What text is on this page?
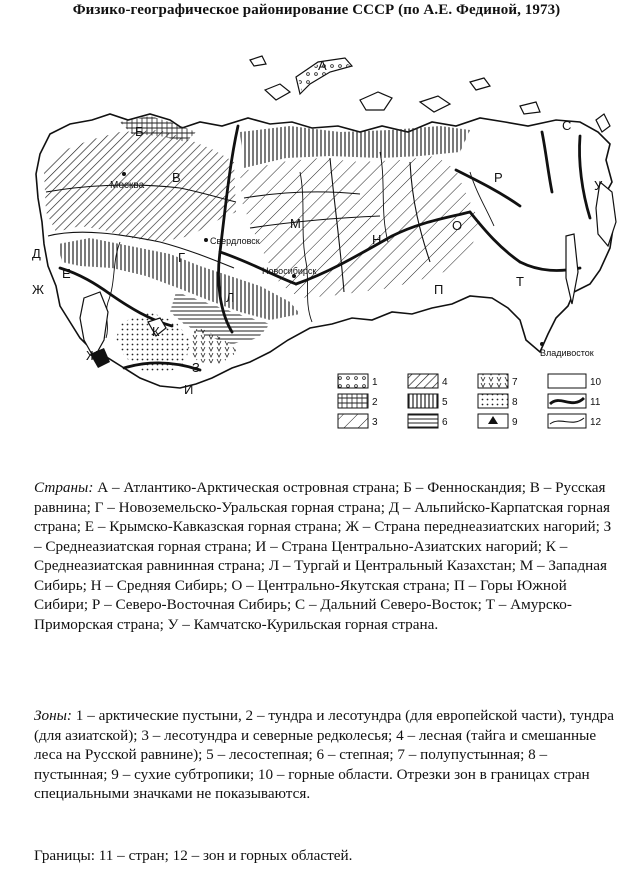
Физико-географическое районирование СССР (по А.Е. Фединой, 1973)
А
Б
В
Г
Д
Е
Ж
Ж
З
И
К
Л
М
Н
О
П
Р
С
Т
У
Москва
Свердловск
Новосибирск
Владивосток
1
2
3
4
5
6
7
8
9
10
11
12
Страны: А – Атлантико-Арктическая островная страна; Б – Фенноскандия; В – Русская равнина; Г – Новоземельско-Уральская горная страна; Д – Альпийско-Карпатская горная страна; Е – Крымско-Кавказская горная страна; Ж – Страна переднеазиатских нагорий; З – Среднеазиатская горная страна; И – Страна Центрально-Азиатских нагорий; К – Среднеазиатская равнинная страна; Л – Тургай и Центральный Казахстан; М – Западная Сибирь; Н – Средняя Сибирь; О – Центрально-Якутская страна; П – Горы Южной Сибири; Р – Северо-Восточная Сибирь; С – Дальний Северо-Восток; Т – Амурско-Приморская страна; У – Камчатско-Курильская горная страна.
Зоны: 1 – арктические пустыни, 2 – тундра и лесотундра (для европейской части), тундра (для азиатской); 3 – лесотундра и северные редколесья; 4 – лесная (тайга и смешанные леса на Русской равнине); 5 – лесостепная; 6 – степная; 7 – полупустынная; 8 – пустынная; 9 – сухие субтропики; 10 – горные области. Отрезки зон в границах стран специальными значками не показываются.
Границы: 11 – стран; 12 – зон и горных областей.
